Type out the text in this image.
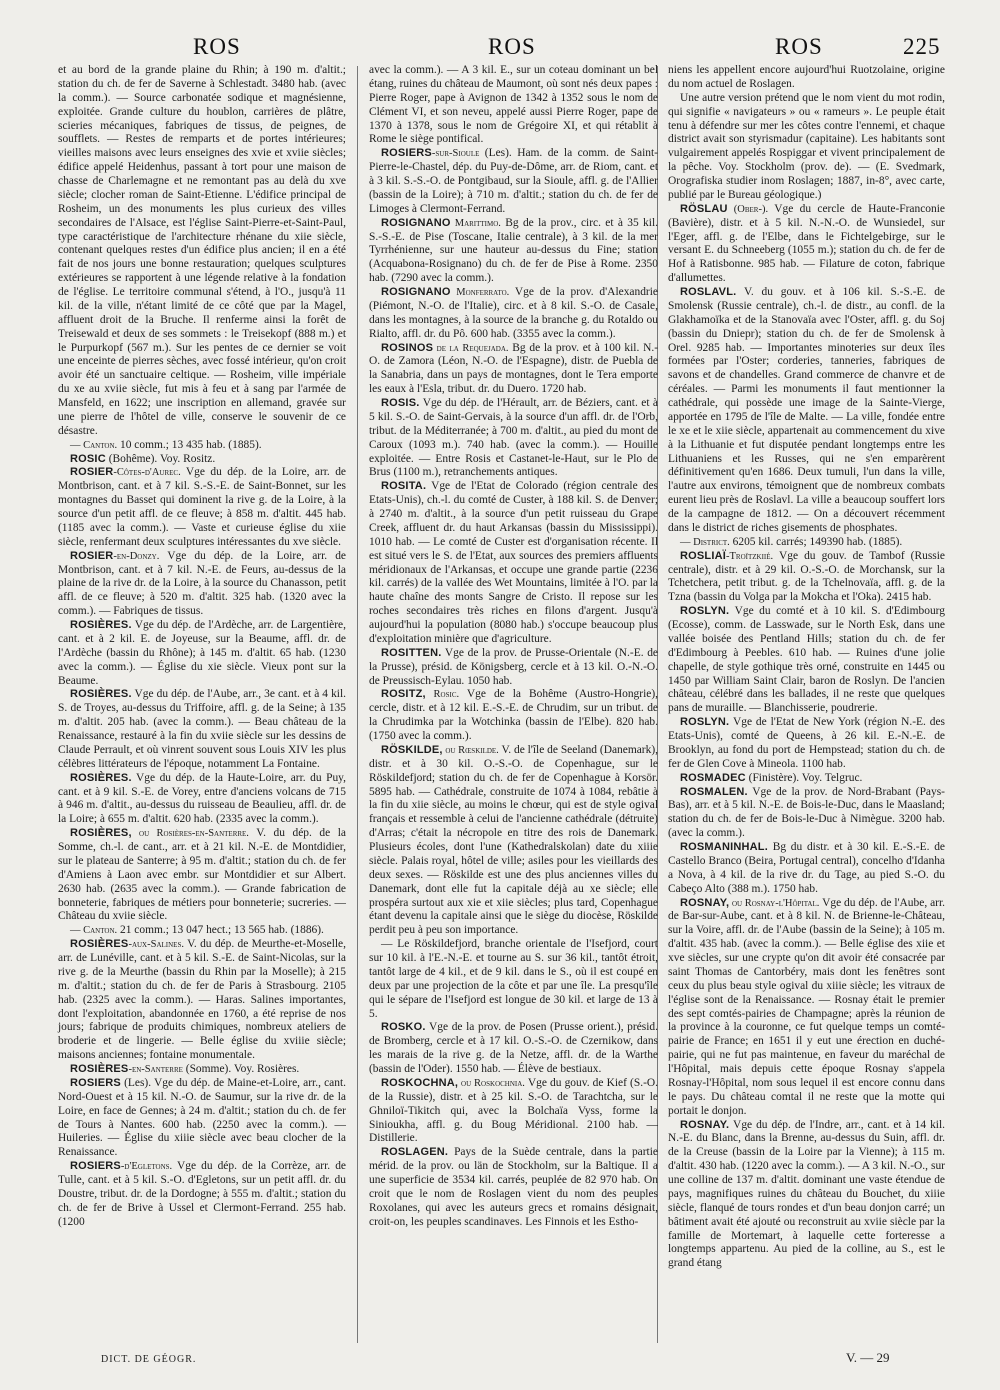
ROS	ROS	ROS	225

et au bord de la grande plaine du Rhin; à 190 m. d'altit.; station du ch. de fer de Saverne à Schlestadt. 3480 hab. (avec la comm.). — Source carbonatée sodique et magnésienne, exploitée. Grande culture du houblon, carrières de plâtre, scieries mécaniques, fabriques de tissus, de peignes, de soufflets. — Restes de remparts et de portes intérieures; vieilles maisons avec leurs enseignes des xvie et xviie siècles; édifice appelé Heidenhus, passant à tort pour une maison de chasse de Charlemagne et ne remontant pas au delà du xve siècle; clocher roman de Saint-Etienne. L'édifice principal de Rosheim, un des monuments les plus curieux des villes secondaires de l'Alsace, est l'église Saint-Pierre-et-Saint-Paul, type caractéristique de l'architecture rhénane du xiie siècle, contenant quelques restes d'un édifice plus ancien; il en a été fait de nos jours une bonne restauration; quelques sculptures extérieures se rapportent à une légende relative à la fondation de l'église. Le territoire communal s'étend, à l'O., jusqu'à 11 kil. de la ville, n'étant limité de ce côté que par la Magel, affluent droit de la Bruche. Il renferme ainsi la forêt de Treisewald et deux de ses sommets : le Treisekopf (888 m.) et le Purpurkopf (567 m.). Sur les pentes de ce dernier se voit une enceinte de pierres sèches, avec fossé intérieur, qu'on croit avoir été un sanctuaire celtique. — Rosheim, ville impériale du xe au xviie siècle, fut mis à feu et à sang par l'armée de Mansfeld, en 1622; une inscription en allemand, gravée sur une pierre de l'hôtel de ville, conserve le souvenir de ce désastre.

— Canton. 10 comm.; 13 435 hab. (1885).

ROSIC (Bohême). Voy. Rositz.

ROSIER-Côtes-d'Aurec. Vge du dép. de la Loire, arr. de Montbrison, cant. et à 7 kil. S.-S.-E. de Saint-Bonnet, sur les montagnes du Basset qui dominent la rive g. de la Loire, à la source d'un petit affl. de ce fleuve; à 858 m. d'altit. 445 hab. (1185 avec la comm.). — Vaste et curieuse église du xiie siècle, renfermant deux sculptures intéressantes du xve siècle.

ROSIER-en-Donzy. Vge du dép. de la Loire, arr. de Montbrison, cant. et à 7 kil. N.-E. de Feurs, au-dessus de la plaine de la rive dr. de la Loire, à la source du Chanasson, petit affl. de ce fleuve; à 520 m. d'altit. 325 hab. (1320 avec la comm.). — Fabriques de tissus.

ROSIÈRES. Vge du dép. de l'Ardèche, arr. de Largentière, cant. et à 2 kil. E. de Joyeuse, sur la Beaume, affl. dr. de l'Ardèche (bassin du Rhône); à 145 m. d'altit. 65 hab. (1230 avec la comm.). — Église du xie siècle. Vieux pont sur la Beaume.

ROSIÈRES. Vge du dép. de l'Aube, arr., 3e cant. et à 4 kil. S. de Troyes, au-dessus du Triffoire, affl. g. de la Seine; à 135 m. d'altit. 205 hab. (avec la comm.). — Beau château de la Renaissance, restauré à la fin du xviie siècle sur les dessins de Claude Perrault, et où vinrent souvent sous Louis XIV les plus célèbres littérateurs de l'époque, notamment La Fontaine.

ROSIÈRES. Vge du dép. de la Haute-Loire, arr. du Puy, cant. et à 9 kil. S.-E. de Vorey, entre d'anciens volcans de 715 à 946 m. d'altit., au-dessus du ruisseau de Beaulieu, affl. dr. de la Loire; à 655 m. d'altit. 620 hab. (2335 avec la comm.).

ROSIÈRES, ou Rosières-en-Santerre. V. du dép. de la Somme, ch.-l. de cant., arr. et à 21 kil. N.-E. de Montdidier, sur le plateau de Santerre; à 95 m. d'altit.; station du ch. de fer d'Amiens à Laon avec embr. sur Montdidier et sur Albert. 2630 hab. (2635 avec la comm.). — Grande fabrication de bonneterie, fabriques de métiers pour bonneterie; sucreries. — Château du xviie siècle.

— Canton. 21 comm.; 13 047 hect.; 13 565 hab. (1886).

ROSIÈRES-aux-Salines. V. du dép. de Meurthe-et-Moselle, arr. de Lunéville, cant. et à 5 kil. S.-E. de Saint-Nicolas, sur la rive g. de la Meurthe (bassin du Rhin par la Moselle); à 215 m. d'altit.; station du ch. de fer de Paris à Strasbourg. 2105 hab. (2325 avec la comm.). — Haras. Salines importantes, dont l'exploitation, abandonnée en 1760, a été reprise de nos jours; fabrique de produits chimiques, nombreux ateliers de broderie et de lingerie. — Belle église du xviiie siècle; maisons anciennes; fontaine monumentale.

ROSIÈRES-en-Santerre (Somme). Voy. Rosières.

ROSIERS (Les). Vge du dép. de Maine-et-Loire, arr., cant. Nord-Ouest et à 15 kil. N.-O. de Saumur, sur la rive dr. de la Loire, en face de Gennes; à 24 m. d'altit.; station du ch. de fer de Tours à Nantes. 600 hab. (2250 avec la comm.). — Huileries. — Église du xiiie siècle avec beau clocher de la Renaissance.

ROSIERS-d'Egletons. Vge du dép. de la Corrèze, arr. de Tulle, cant. et à 5 kil. S.-O. d'Egletons, sur un petit affl. dr. du Doustre, tribut. dr. de la Dordogne; à 555 m. d'altit.; station du ch. de fer de Brive à Ussel et Clermont-Ferrand. 255 hab. (1200

avec la comm.). — A 3 kil. E., sur un coteau dominant un bel étang, ruines du château de Maumont, où sont nés deux papes : Pierre Roger, pape à Avignon de 1342 à 1352 sous le nom de Clément VI, et son neveu, appelé aussi Pierre Roger, pape de 1370 à 1378, sous le nom de Grégoire XI, et qui rétablit à Rome le siège pontifical.

ROSIERS-sur-Sioule (Les). Ham. de la comm. de Saint-Pierre-le-Chastel, dép. du Puy-de-Dôme, arr. de Riom, cant. et à 3 kil. S.-S.-O. de Pontgibaud, sur la Sioule, affl. g. de l'Allier (bassin de la Loire); à 710 m. d'altit.; station du ch. de fer de Limoges à Clermont-Ferrand.

ROSIGNANO Marittimo. Bg de la prov., circ. et à 35 kil. S.-S.-E. de Pise (Toscane, Italie centrale), à 3 kil. de la mer Tyrrhénienne, sur une hauteur au-dessus du Fine; station (Acquabona-Rosignano) du ch. de fer de Pise à Rome. 2350 hab. (7290 avec la comm.).

ROSIGNANO Monferrato. Vge de la prov. d'Alexandrie (Piémont, N.-O. de l'Italie), circ. et à 8 kil. S.-O. de Casale, dans les montagnes, à la source de la branche g. du Rotaldo ou Rialto, affl. dr. du Pô. 600 hab. (3355 avec la comm.).

ROSINOS de la Requejada. Bg de la prov. et à 100 kil. N.-O. de Zamora (Léon, N.-O. de l'Espagne), distr. de Puebla de la Sanabria, dans un pays de montagnes, dont le Tera emporte les eaux à l'Esla, tribut. dr. du Duero. 1720 hab.

ROSIS. Vge du dép. de l'Hérault, arr. de Béziers, cant. et à 5 kil. S.-O. de Saint-Gervais, à la source d'un affl. dr. de l'Orb, tribut. de la Méditerranée; à 700 m. d'altit., au pied du mont de Caroux (1093 m.). 740 hab. (avec la comm.). — Houille exploitée. — Entre Rosis et Castanet-le-Haut, sur le Plo de Brus (1100 m.), retranchements antiques.

ROSITA. Vge de l'Etat de Colorado (région centrale des Etats-Unis), ch.-l. du comté de Custer, à 188 kil. S. de Denver; à 2740 m. d'altit., à la source d'un petit ruisseau du Grape Creek, affluent dr. du haut Arkansas (bassin du Mississippi). 1010 hab. — Le comté de Custer est d'organisation récente. Il est situé vers le S. de l'Etat, aux sources des premiers affluents méridionaux de l'Arkansas, et occupe une grande partie (2236 kil. carrés) de la vallée des Wet Mountains, limitée à l'O. par la haute chaîne des monts Sangre de Cristo. Il repose sur les roches secondaires très riches en filons d'argent. Jusqu'à aujourd'hui la population (8080 hab.) s'occupe beaucoup plus d'exploitation minière que d'agriculture.

ROSITTEN. Vge de la prov. de Prusse-Orientale (N.-E. de la Prusse), présid. de Königsberg, cercle et à 13 kil. O.-N.-O. de Preussisch-Eylau. 1050 hab.

ROSITZ, Rosic. Vge de la Bohême (Austro-Hongrie), cercle, distr. et à 12 kil. E.-S.-E. de Chrudim, sur un tribut. de la Chrudimka par la Wotchinka (bassin de l'Elbe). 820 hab. (1750 avec la comm.).

RÖSKILDE, ou Rœskilde. V. de l'île de Seeland (Danemark), distr. et à 30 kil. O.-S.-O. de Copenhague, sur le Röskildefjord; station du ch. de fer de Copenhague à Korsör. 5895 hab. — Cathédrale, construite de 1074 à 1084, rebâtie à la fin du xiie siècle, au moins le chœur, qui est de style ogival français et ressemble à celui de l'ancienne cathédrale (détruite) d'Arras; c'était la nécropole en titre des rois de Danemark. Plusieurs écoles, dont l'une (Kathedralskolan) date du xiiie siècle. Palais royal, hôtel de ville; asiles pour les vieillards des deux sexes. — Röskilde est une des plus anciennes villes du Danemark, dont elle fut la capitale déjà au xe siècle; elle prospéra surtout aux xie et xiie siècles; plus tard, Copenhague étant devenu la capitale ainsi que le siège du diocèse, Röskilde perdit peu à peu son importance.

— Le Röskildefjord, branche orientale de l'Isefjord, court sur 10 kil. à l'E.-N.-E. et tourne au S. sur 36 kil., tantôt étroit, tantôt large de 4 kil., et de 9 kil. dans le S., où il est coupé en deux par une projection de la côte et par une île. La presqu'île qui le sépare de l'Isefjord est longue de 30 kil. et large de 13 à 5.

ROSKO. Vge de la prov. de Posen (Prusse orient.), présid. de Bromberg, cercle et à 17 kil. O.-S.-O. de Czernikow, dans les marais de la rive g. de la Netze, affl. dr. de la Warthe (bassin de l'Oder). 1550 hab. — Élève de bestiaux.

ROSKOCHNA, ou Roskochnia. Vge du gouv. de Kief (S.-O. de la Russie), distr. et à 25 kil. S.-O. de Tarachtcha, sur le Ghniloï-Tikitch qui, avec la Bolchaïa Vyss, forme la Sinioukha, affl. g. du Boug Méridional. 2100 hab. — Distillerie.

ROSLAGEN. Pays de la Suède centrale, dans la partie mérid. de la prov. ou län de Stockholm, sur la Baltique. Il a une superficie de 3534 kil. carrés, peuplée de 82 970 hab. On croit que le nom de Roslagen vient du nom des peuples Roxolanes, qui avec les auteurs grecs et romains désignait, croit-on, les peuples scandinaves. Les Finnois et les Estho-

niens les appellent encore aujourd'hui Ruotzolaine, origine du nom actuel de Roslagen.

Une autre version prétend que le nom vient du mot rodin, qui signifie « navigateurs » ou « rameurs ». Le peuple était tenu à défendre sur mer les côtes contre l'ennemi, et chaque district avait son styrismadur (capitaine). Les habitants sont vulgairement appelés Rospiggar et vivent principalement de la pêche. Voy. Stockholm (prov. de). — (E. Svedmark, Orografiska studier inom Roslagen; 1887, in-8°, avec carte, publié par le Bureau géologique.)

RÖSLAU (Ober-). Vge du cercle de Haute-Franconie (Bavière), distr. et à 5 kil. N.-N.-O. de Wunsiedel, sur l'Eger, affl. g. de l'Elbe, dans le Fichtelgebirge, sur le versant E. du Schneeberg (1055 m.); station du ch. de fer de Hof à Ratisbonne. 985 hab. — Filature de coton, fabrique d'allumettes.

ROSLAVL. V. du gouv. et à 106 kil. S.-S.-E. de Smolensk (Russie centrale), ch.-l. de distr., au confl. de la Glakhamoïka et de la Stanovaïa avec l'Oster, affl. g. du Soj (bassin du Dniepr); station du ch. de fer de Smolensk à Orel. 9285 hab. — Importantes minoteries sur deux îles formées par l'Oster; corderies, tanneries, fabriques de savons et de chandelles. Grand commerce de chanvre et de céréales. — Parmi les monuments il faut mentionner la cathédrale, qui possède une image de la Sainte-Vierge, apportée en 1795 de l'île de Malte. — La ville, fondée entre le xe et le xiie siècle, appartenait au commencement du xive à la Lithuanie et fut disputée pendant longtemps entre les Lithuaniens et les Russes, qui ne s'en emparèrent définitivement qu'en 1686. Deux tumuli, l'un dans la ville, l'autre aux environs, témoignent que de nombreux combats eurent lieu près de Roslavl. La ville a beaucoup souffert lors de la campagne de 1812. — On a découvert récemment dans le district de riches gisements de phosphates.

— District. 6205 kil. carrés; 149390 hab. (1885).

ROSLIAÏ-Troïtzkiié. Vge du gouv. de Tambof (Russie centrale), distr. et à 29 kil. O.-S.-O. de Morchansk, sur la Tchetchera, petit tribut. g. de la Tchelnovaïa, affl. g. de la Tzna (bassin du Volga par la Mokcha et l'Oka). 2415 hab.

ROSLYN. Vge du comté et à 10 kil. S. d'Edimbourg (Ecosse), comm. de Lasswade, sur le North Esk, dans une vallée boisée des Pentland Hills; station du ch. de fer d'Edimbourg à Peebles. 610 hab. — Ruines d'une jolie chapelle, de style gothique très orné, construite en 1445 ou 1450 par William Saint Clair, baron de Roslyn. De l'ancien château, célébré dans les ballades, il ne reste que quelques pans de muraille. — Blanchisserie, poudrerie.

ROSLYN. Vge de l'Etat de New York (région N.-E. des Etats-Unis), comté de Queens, à 26 kil. E.-N.-E. de Brooklyn, au fond du port de Hempstead; station du ch. de fer de Glen Cove à Mineola. 1100 hab.

ROSMADEC (Finistère). Voy. Telgruc.

ROSMALEN. Vge de la prov. de Nord-Brabant (Pays-Bas), arr. et à 5 kil. N.-E. de Bois-le-Duc, dans le Maasland; station du ch. de fer de Bois-le-Duc à Nimègue. 3200 hab. (avec la comm.).

ROSMANINHAL. Bg du distr. et à 30 kil. E.-S.-E. de Castello Branco (Beira, Portugal central), concelho d'Idanha a Nova, à 4 kil. de la rive dr. du Tage, au pied S.-O. du Cabeço Alto (388 m.). 1750 hab.

ROSNAY, ou Rosnay-l'Hôpital. Vge du dép. de l'Aube, arr. de Bar-sur-Aube, cant. et à 8 kil. N. de Brienne-le-Château, sur la Voire, affl. dr. de l'Aube (bassin de la Seine); à 105 m. d'altit. 435 hab. (avec la comm.). — Belle église des xiie et xve siècles, sur une crypte qu'on dit avoir été consacrée par saint Thomas de Cantorbéry, mais dont les fenêtres sont ceux du plus beau style ogival du xiiie siècle; les vitraux de l'église sont de la Renaissance. — Rosnay était le premier des sept comtés-pairies de Champagne; après la réunion de la province à la couronne, ce fut quelque temps un comté-pairie de France; en 1651 il y eut une érection en duché-pairie, qui ne fut pas maintenue, en faveur du maréchal de l'Hôpital, mais depuis cette époque Rosnay s'appela Rosnay-l'Hôpital, nom sous lequel il est encore connu dans le pays. Du château comtal il ne reste que la motte qui portait le donjon.

ROSNAY. Vge du dép. de l'Indre, arr., cant. et à 14 kil. N.-E. du Blanc, dans la Brenne, au-dessus du Suin, affl. dr. de la Creuse (bassin de la Loire par la Vienne); à 115 m. d'altit. 430 hab. (1220 avec la comm.). — A 3 kil. N.-O., sur une colline de 137 m. d'altit. dominant une vaste étendue de pays, magnifiques ruines du château du Bouchet, du xiiie siècle, flanqué de tours rondes et d'un beau donjon carré; un bâtiment avait été ajouté ou reconstruit au xviie siècle par la famille de Mortemart, à laquelle cette forteresse a longtemps appartenu. Au pied de la colline, au S., est le grand étang

DICT. DE GÉOGR.	V. — 29
